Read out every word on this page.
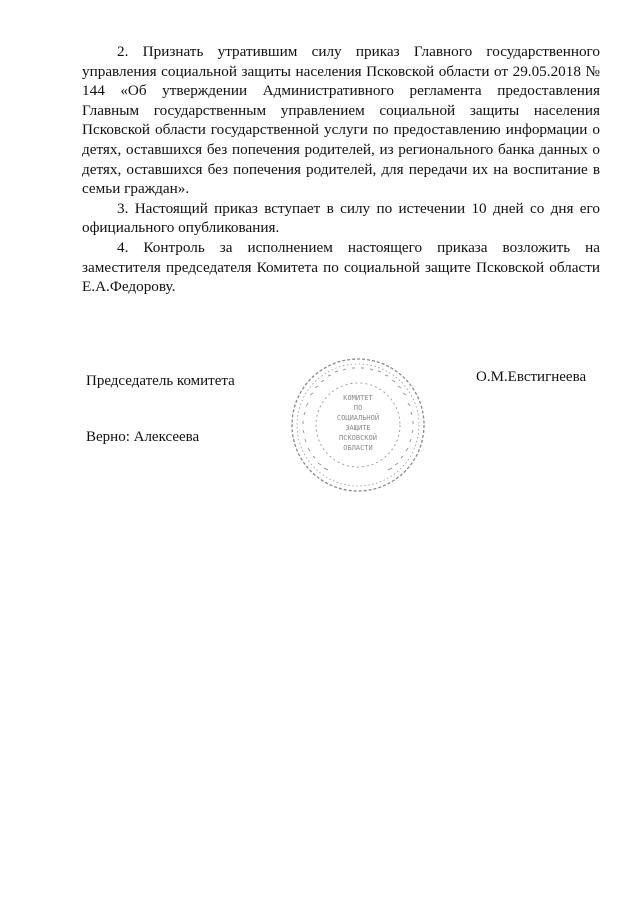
2. Признать утратившим силу приказ Главного государственного управления социальной защиты населения Псковской области от 29.05.2018 № 144 «Об утверждении Административного регламента предоставления Главным государственным управлением социальной защиты населения Псковской области государственной услуги по предоставлению информации о детях, оставшихся без попечения родителей, из регионального банка данных о детях, оставшихся без попечения родителей, для передачи их на воспитание в семьи граждан».

3. Настоящий приказ вступает в силу по истечении 10 дней со дня его официального опубликования.

4. Контроль за исполнением настоящего приказа возложить на заместителя председателя Комитета по социальной защите Псковской области Е.А.Федорову.

Председатель комитета	О.М.Евстигнеева
Верно: Алексеева
КОМИТЕТ
ПО
СОЦИАЛЬНОЙ
ЗАЩИТЕ
ПСКОВСКОЙ
ОБЛАСТИ
